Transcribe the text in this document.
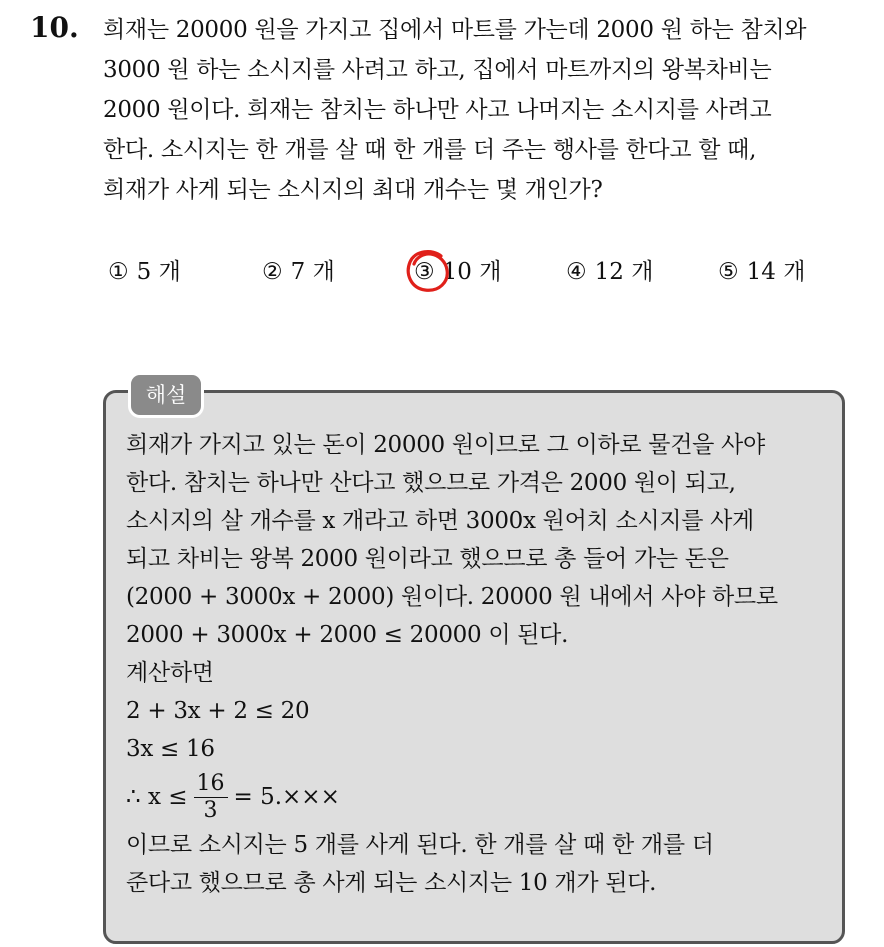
10. 희재는 20000 원을 가지고 집에서 마트를 가는데 2000 원 하는 참치와
3000 원 하는 소시지를 사려고 하고, 집에서 마트까지의 왕복차비는
2000 원이다. 희재는 참치는 하나만 사고 나머지는 소시지를 사려고
한다. 소시지는 한 개를 살 때 한 개를 더 주는 행사를 한다고 할 때,
희재가 사게 되는 소시지의 최대 개수는 몇 개인가?
① 5 개	② 7 개	③ 10 개	④ 12 개	⑤ 14 개
해설
희재가 가지고 있는 돈이 20000 원이므로 그 이하로 물건을 사야
한다. 참치는 하나만 산다고 했으므로 가격은 2000 원이 되고,
소시지의 살 개수를 x 개라고 하면 3000x 원어치 소시지를 사게
되고 차비는 왕복 2000 원이라고 했으므로 총 들어 가는 돈은
(2000 + 3000x + 2000) 원이다. 20000 원 내에서 사야 하므로
2000 + 3000x + 2000 ≤ 20000 이 된다.
계산하면
2 + 3x + 2 ≤ 20
3x ≤ 16
∴ $x \le \frac{16}{3} = 5.\times\times\times$
이므로 소시지는 5 개를 사게 된다. 한 개를 살 때 한 개를 더
준다고 했으므로 총 사게 되는 소시지는 10 개가 된다.
